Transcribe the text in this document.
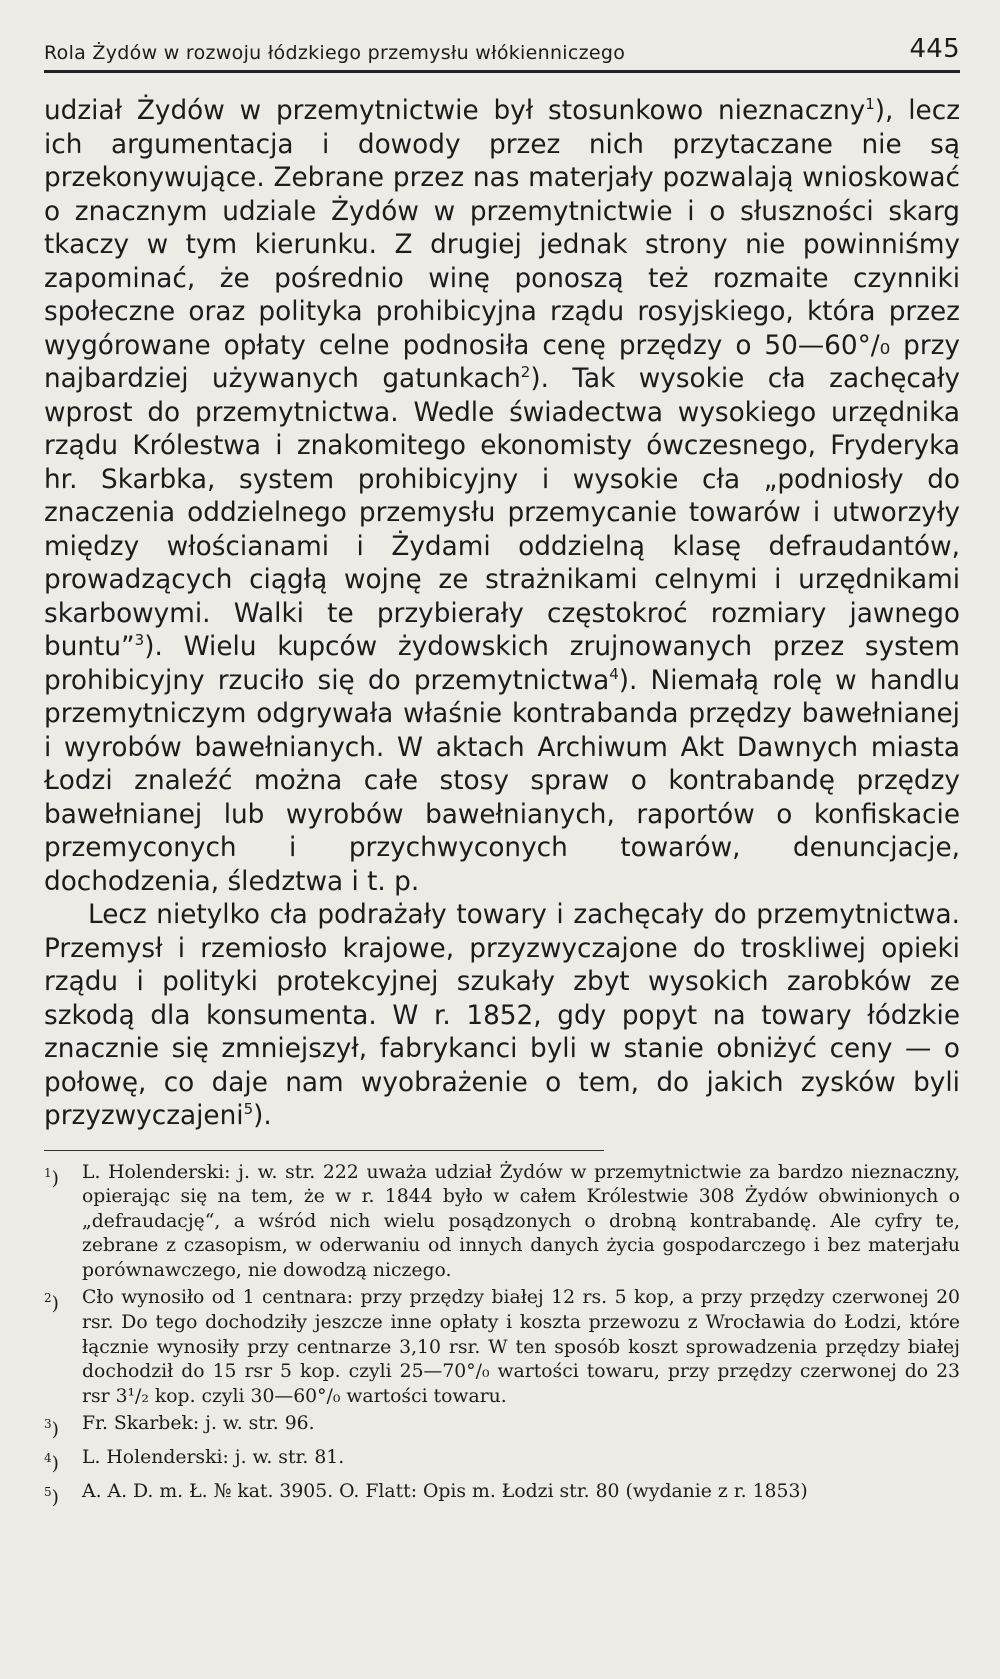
Rola Żydów w rozwoju łódzkiego przemysłu włókienniczego	445

udział Żydów w przemytnictwie był stosunkowo nieznaczny$^1$), lecz ich argumentacja i dowody przez nich przytaczane nie są przekonywujące. Zebrane przez nas materjały pozwalają wnioskować o znacznym udziale Żydów w przemytnictwie i o słuszności skarg tkaczy w tym kierunku. Z drugiej jednak strony nie powinniśmy zapominać, że pośrednio winę ponoszą też rozmaite czynniki społeczne oraz polityka prohibicyjna rządu rosyjskiego, która przez wygórowane opłaty celne podnosiła cenę przędzy o 50—60°/₀ przy najbardziej używanych gatunkach$^2$). Tak wysokie cła zachęcały wprost do przemytnictwa. Wedle świadectwa wysokiego urzędnika rządu Królestwa i znakomitego ekonomisty ówczesnego, Fryderyka hr. Skarbka, system prohibicyjny i wysokie cła „podniosły do znaczenia oddzielnego przemysłu przemycanie towarów i utworzyły między włościanami i Żydami oddzielną klasę defraudantów, prowadzących ciągłą wojnę ze strażnikami celnymi i urzędnikami skarbowymi. Walki te przybierały częstokroć rozmiary jawnego buntu”$^3$). Wielu kupców żydowskich zrujnowanych przez system prohibicyjny rzuciło się do przemytnictwa$^4$). Niemałą rolę w handlu przemytniczym odgrywała właśnie kontrabanda przędzy bawełnianej i wyrobów bawełnianych. W aktach Archiwum Akt Dawnych miasta Łodzi znaleźć można całe stosy spraw o kontrabandę przędzy bawełnianej lub wyrobów bawełnianych, raportów o konfiskacie przemyconych i przychwyconych towarów, denuncjacje, dochodzenia, śledztwa i t. p.

Lecz nietylko cła podrażały towary i zachęcały do przemytnictwa. Przemysł i rzemiosło krajowe, przyzwyczajone do troskliwej opieki rządu i polityki protekcyjnej szukały zbyt wysokich zarobków ze szkodą dla konsumenta. W r. 1852, gdy popyt na towary łódzkie znacznie się zmniejszył, fabrykanci byli w stanie obniżyć ceny — o połowę, co daje nam wyobrażenie o tem, do jakich zysków byli przyzwyczajeni$^5$).

$^1$)	L. Holenderski: j. w. str. 222 uważa udział Żydów w przemytnictwie za bardzo nieznaczny, opierając się na tem, że w r. 1844 było w całem Królestwie 308 Żydów obwinionych o „defraudację“, a wśród nich wielu posądzonych o drobną kontrabandę. Ale cyfry te, zebrane z czasopism, w oderwaniu od innych danych życia gospodarczego i bez materjału porównawczego, nie dowodzą niczego.
$^2$)	Cło wynosiło od 1 centnara: przy przędzy białej 12 rs. 5 kop, a przy przędzy czerwonej 20 rsr. Do tego dochodziły jeszcze inne opłaty i koszta przewozu z Wrocławia do Łodzi, które łącznie wynosiły przy centnarze 3,10 rsr. W ten sposób koszt sprowadzenia przędzy białej dochodził do 15 rsr 5 kop. czyli 25—70°/₀ wartości towaru, przy przędzy czerwonej do 23 rsr 3¹/₂ kop. czyli 30—60°/₀ wartości towaru.
$^3$)	Fr. Skarbek: j. w. str. 96.
$^4$)	L. Holenderski: j. w. str. 81.
$^5$)	A. A. D. m. Ł. № kat. 3905. O. Flatt: Opis m. Łodzi str. 80 (wydanie z r. 1853)
